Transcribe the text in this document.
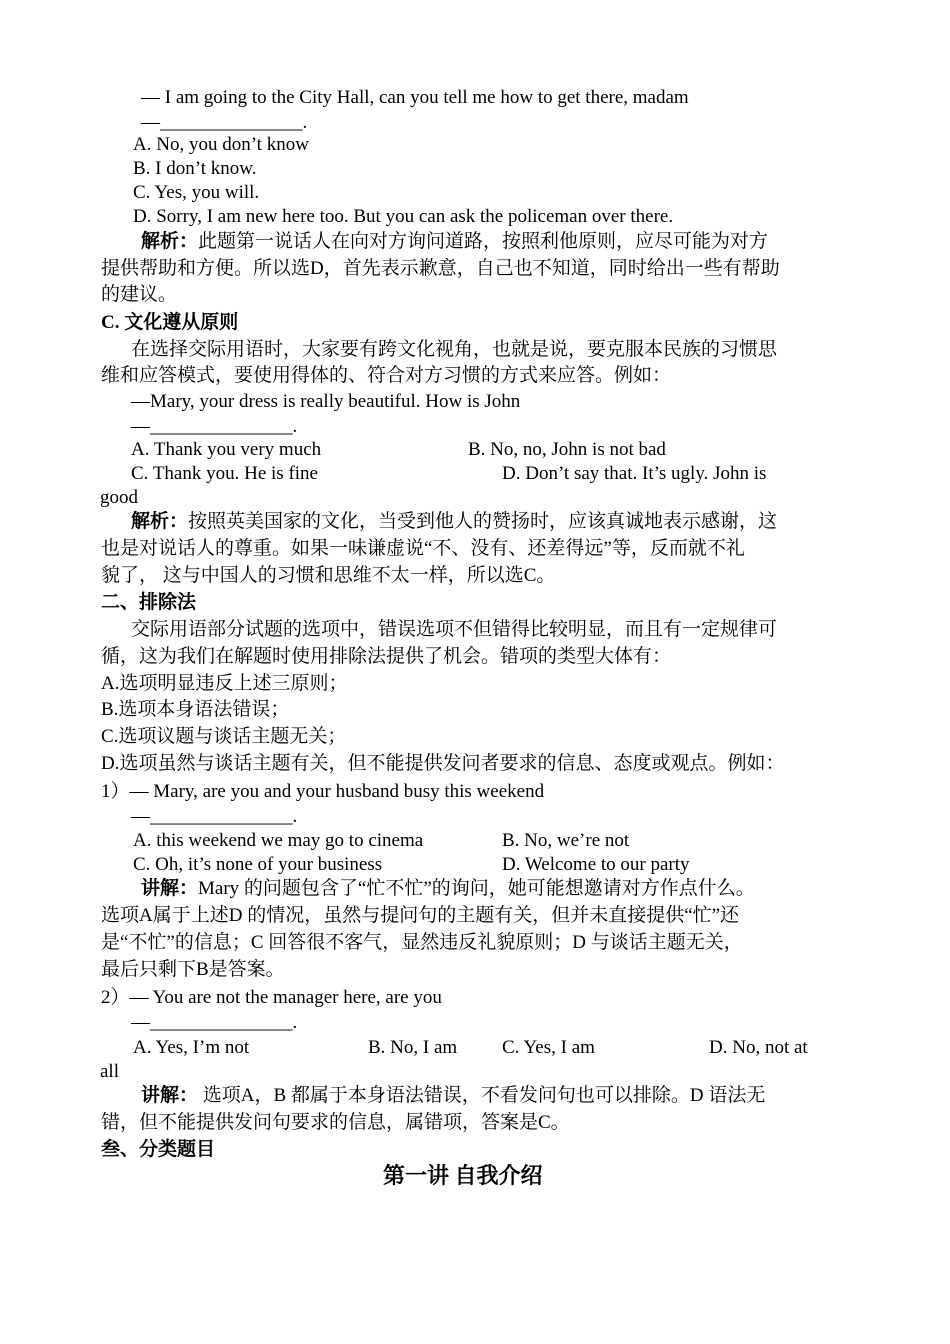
— I am going to the City Hall, can you tell me how to get there, madam
—_______________.
A. No, you don’t know
B. I don’t know.
C. Yes, you will.
D. Sorry, I am new here too. But you can ask the policeman over there.
解析：此题第一说话人在向对方询问道路，按照利他原则，应尽可能为对方
提供帮助和方便。所以选D，首先表示歉意，自己也不知道，同时给出一些有帮助
的建议。
C. 文化遵从原则
在选择交际用语时，大家要有跨文化视角，也就是说，要克服本民族的习惯思
维和应答模式，要使用得体的、符合对方习惯的方式来应答。例如：
—Mary, your dress is really beautiful. How is John
—_______________.
A. Thank you very much	B. No, no, John is not bad
C. Thank you. He is fine	D. Don’t say that. It’s ugly. John is
good
解析：按照英美国家的文化，当受到他人的赞扬时，应该真诚地表示感谢，这
也是对说话人的尊重。如果一味谦虚说“不、没有、还差得远”等，反而就不礼
貌了， 这与中国人的习惯和思维不太一样，所以选C。
二、排除法
交际用语部分试题的选项中，错误选项不但错得比较明显，而且有一定规律可
循，这为我们在解题时使用排除法提供了机会。错项的类型大体有：
A.选项明显违反上述三原则；
B.选项本身语法错误；
C.选项议题与谈话主题无关；
D.选项虽然与谈话主题有关，但不能提供发问者要求的信息、态度或观点。例如：
1）— Mary, are you and your husband busy this weekend
—_______________.
A. this weekend we may go to cinema	B. No, we’re not
C. Oh, it’s none of your business	D. Welcome to our party
讲解：Mary 的问题包含了“忙不忙”的询问，她可能想邀请对方作点什么。
选项A属于上述D 的情况，虽然与提问句的主题有关，但并未直接提供“忙”还
是“不忙”的信息；C 回答很不客气，显然违反礼貌原则；D 与谈话主题无关，
最后只剩下B是答案。
2）— You are not the manager here, are you
—_______________.
A. Yes, I’m not	B. No, I am C. Yes, I am	D. No, not at
all
讲解： 选项A，B 都属于本身语法错误，不看发问句也可以排除。D 语法无
错，但不能提供发问句要求的信息，属错项，答案是C。
叁、分类题目
第一讲 自我介绍
